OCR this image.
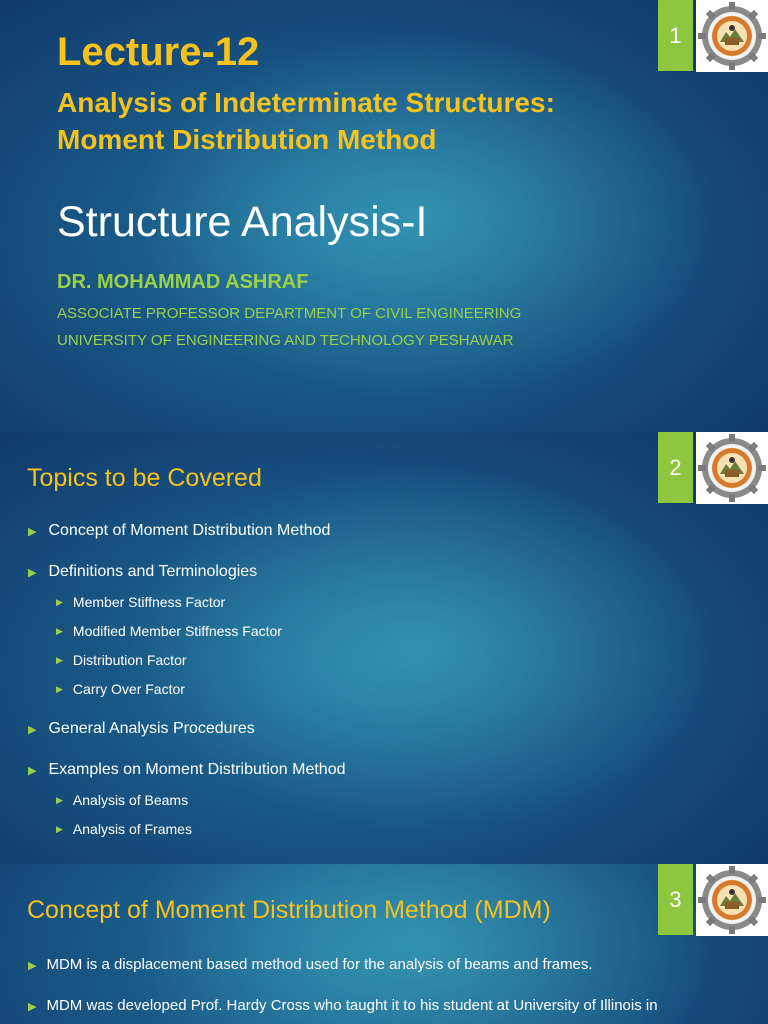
1
Lecture-12
Analysis of Indeterminate Structures:
Moment Distribution Method
Structure Analysis-I
DR. MOHAMMAD ASHRAF
ASSOCIATE PROFESSOR DEPARTMENT OF CIVIL ENGINEERING
UNIVERSITY OF ENGINEERING AND TECHNOLOGY PESHAWAR
2
Topics to be Covered
▶ Concept of Moment Distribution Method
▶ Definitions and Terminologies
▶ Member Stiffness Factor
▶ Modified Member Stiffness Factor
▶ Distribution Factor
▶ Carry Over Factor
▶ General Analysis Procedures
▶ Examples on Moment Distribution Method
▶ Analysis of Beams
▶ Analysis of Frames
3
Concept of Moment Distribution Method (MDM)
▶ MDM is a displacement based method used for the analysis of beams and frames.
▶ MDM was developed Prof. Hardy Cross who taught it to his student at University of Illinois in
